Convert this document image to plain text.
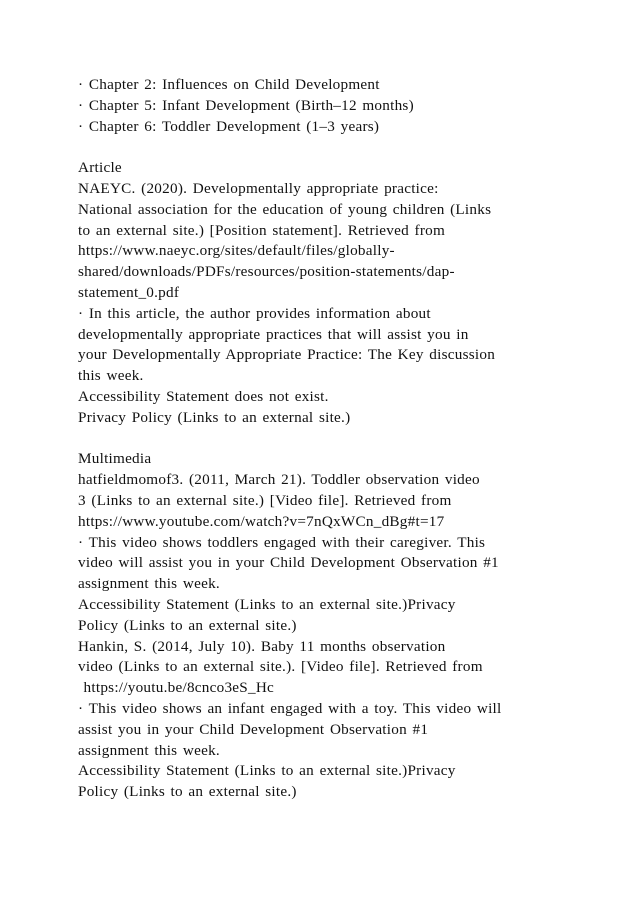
· Chapter 2: Influences on Child Development
· Chapter 5: Infant Development (Birth–12 months)
· Chapter 6: Toddler Development (1–3 years)
Article
NAEYC. (2020). Developmentally appropriate practice:
National association for the education of young children (Links
to an external site.) [Position statement]. Retrieved from
https://www.naeyc.org/sites/default/files/globally-
shared/downloads/PDFs/resources/position-statements/dap-
statement_0.pdf
· In this article, the author provides information about
developmentally appropriate practices that will assist you in
your Developmentally Appropriate Practice: The Key discussion
this week.
Accessibility Statement does not exist.
Privacy Policy (Links to an external site.)
Multimedia
hatfieldmomof3. (2011, March 21). Toddler observation video
3 (Links to an external site.) [Video file]. Retrieved from
https://www.youtube.com/watch?v=7nQxWCn_dBg#t=17
· This video shows toddlers engaged with their caregiver. This
video will assist you in your Child Development Observation #1
assignment this week.
Accessibility Statement (Links to an external site.)Privacy
Policy (Links to an external site.)
Hankin, S. (2014, July 10). Baby 11 months observation
video (Links to an external site.). [Video file]. Retrieved from
https://youtu.be/8cnco3eS_Hc
· This video shows an infant engaged with a toy. This video will
assist you in your Child Development Observation #1
assignment this week.
Accessibility Statement (Links to an external site.)Privacy
Policy (Links to an external site.)
